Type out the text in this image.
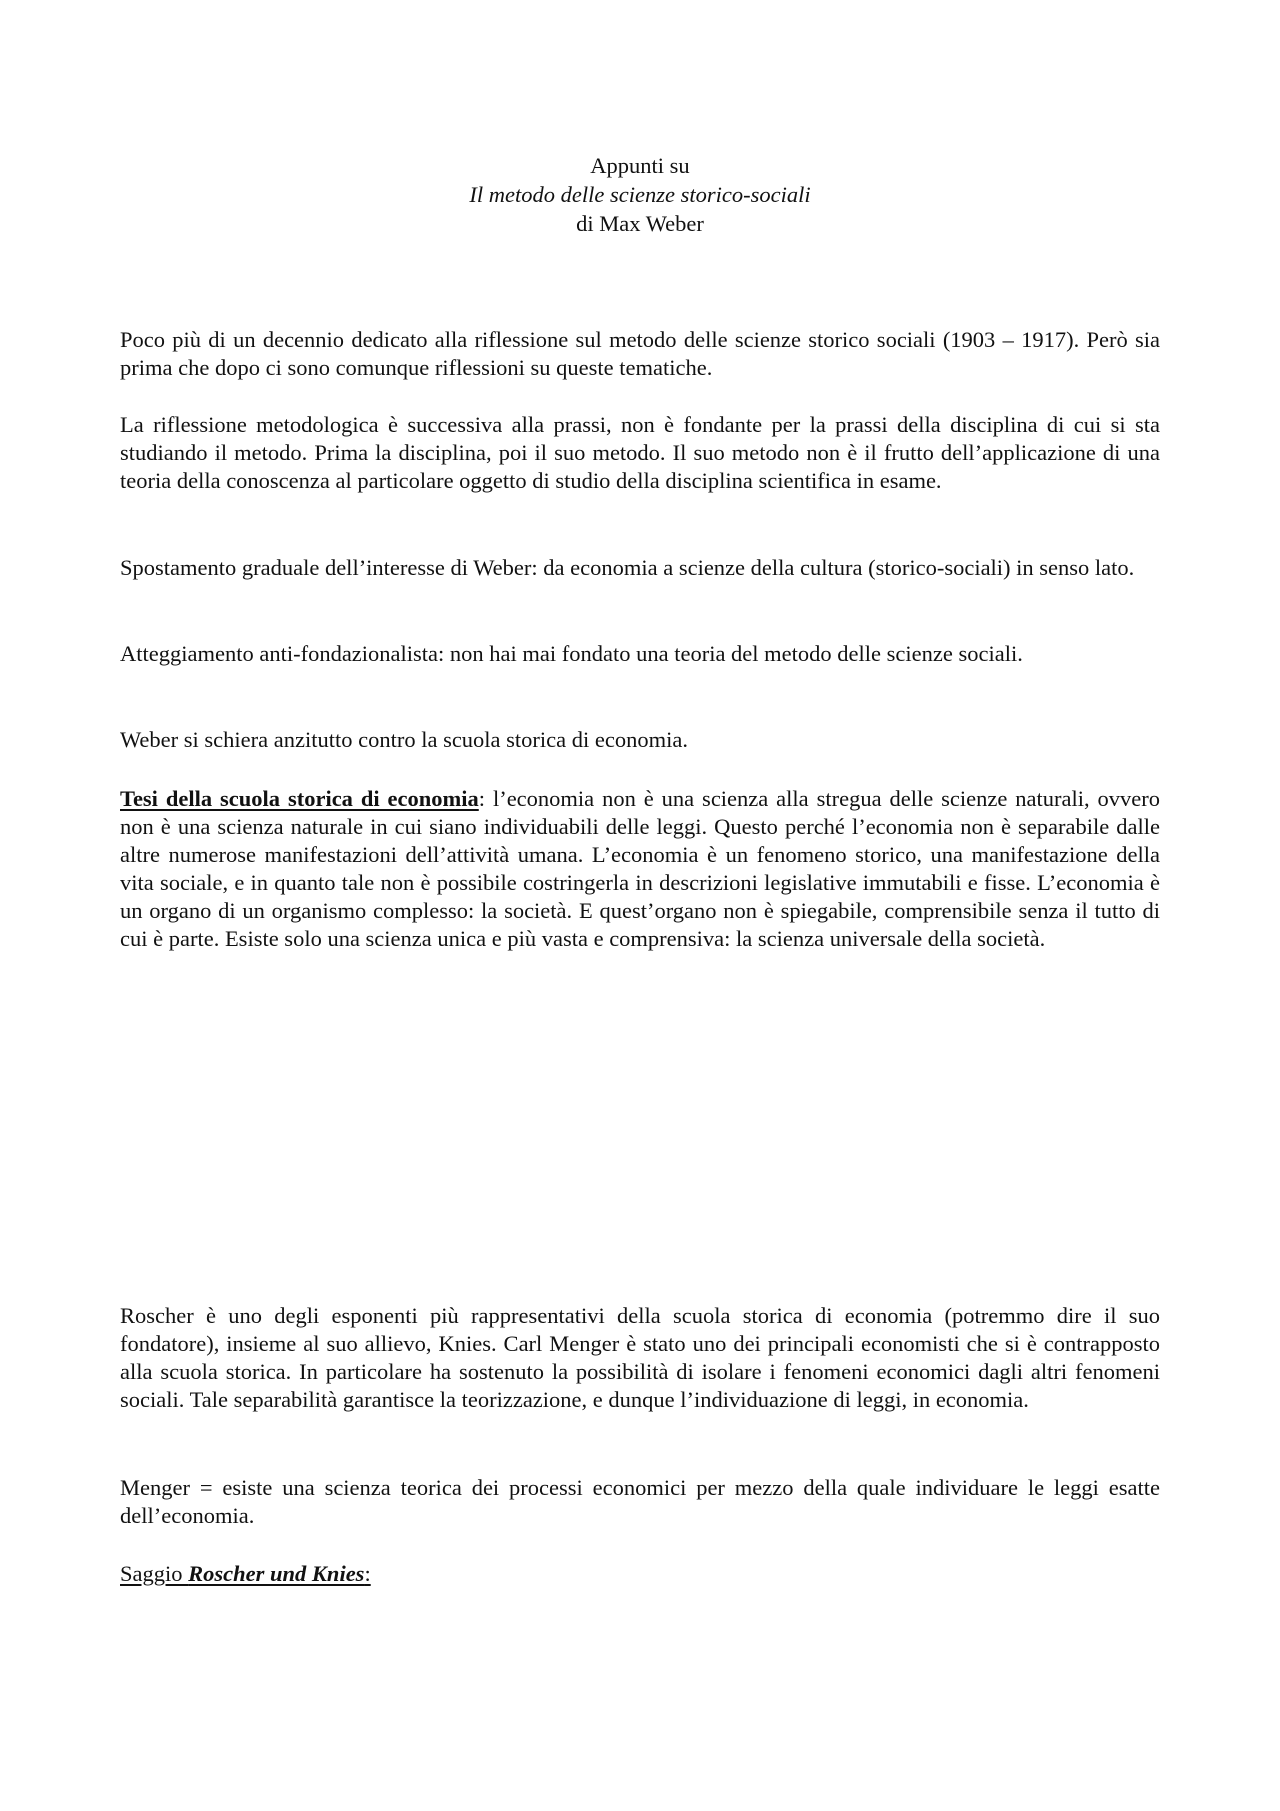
Appunti su
Il metodo delle scienze storico-sociali
di Max Weber

Poco più di un decennio dedicato alla riflessione sul metodo delle scienze storico sociali (1903 – 1917). Però sia prima che dopo ci sono comunque riflessioni su queste tematiche.

La riflessione metodologica è successiva alla prassi, non è fondante per la prassi della disciplina di cui si sta studiando il metodo. Prima la disciplina, poi il suo metodo. Il suo metodo non è il frutto dell’applicazione di una teoria della conoscenza al particolare oggetto di studio della disciplina scientifica in esame.

Spostamento graduale dell’interesse di Weber: da economia a scienze della cultura (storico-sociali) in senso lato.

Atteggiamento anti-fondazionalista: non hai mai fondato una teoria del metodo delle scienze sociali.

Weber si schiera anzitutto contro la scuola storica di economia.

Tesi della scuola storica di economia: l’economia non è una scienza alla stregua delle scienze naturali, ovvero non è una scienza naturale in cui siano individuabili delle leggi. Questo perché l’economia non è separabile dalle altre numerose manifestazioni dell’attività umana. L’economia è un fenomeno storico, una manifestazione della vita sociale, e in quanto tale non è possibile costringerla in descrizioni legislative immutabili e fisse. L’economia è un organo di un organismo complesso: la società. E quest’organo non è spiegabile, comprensibile senza il tutto di cui è parte. Esiste solo una scienza unica e più vasta e comprensiva: la scienza universale della società.

Roscher è uno degli esponenti più rappresentativi della scuola storica di economia (potremmo dire il suo fondatore), insieme al suo allievo, Knies. Carl Menger è stato uno dei principali economisti che si è contrapposto alla scuola storica. In particolare ha sostenuto la possibilità di isolare i fenomeni economici dagli altri fenomeni sociali. Tale separabilità garantisce la teorizzazione, e dunque l’individuazione di leggi, in economia.

Menger = esiste una scienza teorica dei processi economici per mezzo della quale individuare le leggi esatte dell’economia.

Saggio Roscher und Knies:
